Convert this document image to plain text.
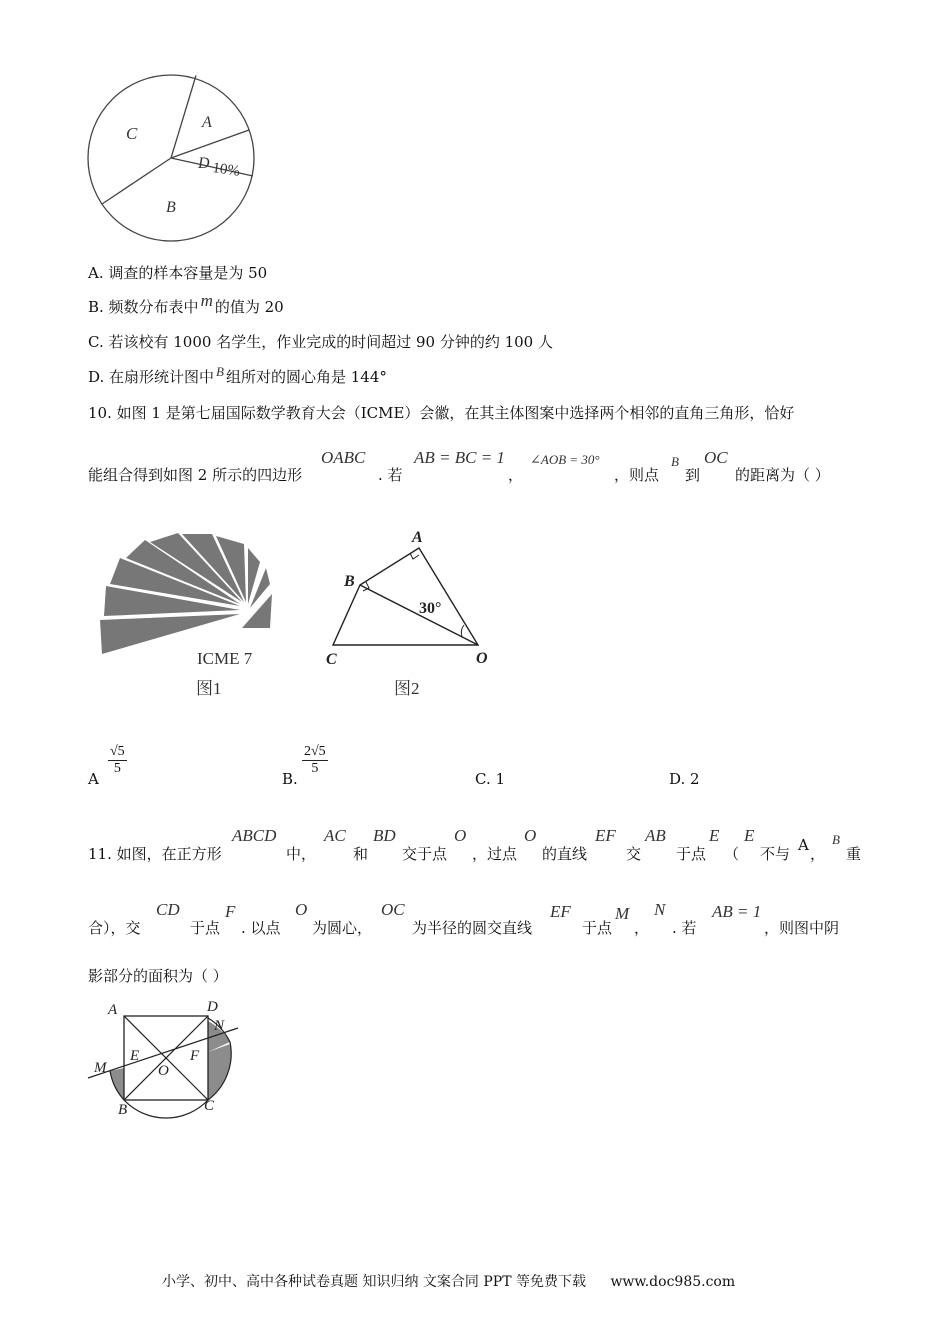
A
B
C
D 10%
A. 调查的样本容量是为 50
B. 频数分布表中 m 的值为 20
C. 若该校有 1000 名学生，作业完成的时间超过 90 分钟的约 100 人
D. 在扇形统计图中 B 组所对的圆心角是 144°
10. 如图 1 是第七届国际数学教育大会（ICME）会徽，在其主体图案中选择两个相邻的直角三角形，恰好
能组合得到如图 2 所示的四边形
OABC
. 若
AB = BC = 1
，
∠AOB = 30°
，则点
B
到
OC
的距离为（ ）
ICME 7
图1
A
B
C	O
30°
图2
A
$\frac{√5}{5}$
B.
$\frac{2√5}{5}$
C. 1	D. 2
11. 如图，在正方形
ABCD
中，
AC
和
BD
交于点
O
，过点
O
的直线
EF
交
AB
于点
E
（
E
不与 A ，
B
重
合），交
CD
于点
F
. 以点
O
为圆心，
OC
为半径的圆交直线
EF
于点
M
，
N
. 若
AB = 1
，则图中阴
影部分的面积为（ ）
A	D
N
E	F
M	O
B	C
小学、初中、高中各种试卷真题 知识归纳 文案合同 PPT 等免费下载 www.doc985.com
